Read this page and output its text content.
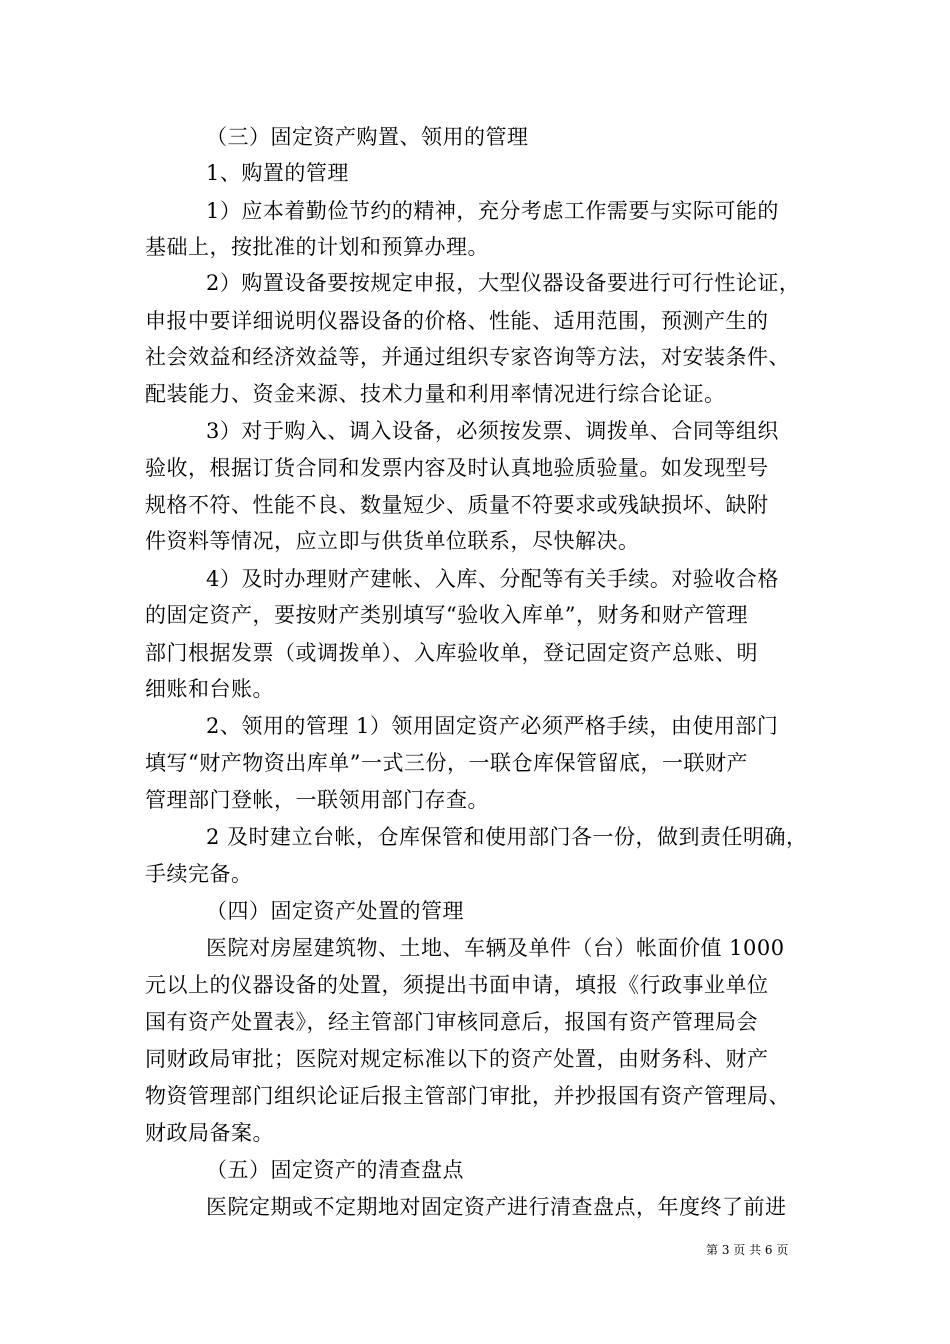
（三）固定资产购置、领用的管理
1、购置的管理
1）应本着勤俭节约的精神，充分考虑工作需要与实际可能的
基础上，按批准的计划和预算办理。
2）购置设备要按规定申报，大型仪器设备要进行可行性论证，
申报中要详细说明仪器设备的价格、性能、适用范围，预测产生的
社会效益和经济效益等，并通过组织专家咨询等方法，对安装条件、
配装能力、资金来源、技术力量和利用率情况进行综合论证。
3）对于购入、调入设备，必须按发票、调拨单、合同等组织
验收，根据订货合同和发票内容及时认真地验质验量。如发现型号
规格不符、性能不良、数量短少、质量不符要求或残缺损坏、缺附
件资料等情况，应立即与供货单位联系，尽快解决。
4）及时办理财产建帐、入库、分配等有关手续。对验收合格
的固定资产，要按财产类别填写“验收入库单”，财务和财产管理
部门根据发票（或调拨单）、入库验收单，登记固定资产总账、明
细账和台账。
2、领用的管理 1）领用固定资产必须严格手续，由使用部门
填写“财产物资出库单”一式三份，一联仓库保管留底，一联财产
管理部门登帐，一联领用部门存查。
2 及时建立台帐，仓库保管和使用部门各一份，做到责任明确，
手续完备。
（四）固定资产处置的管理
医院对房屋建筑物、土地、车辆及单件（台）帐面价值 1000
元以上的仪器设备的处置，须提出书面申请，填报《行政事业单位
国有资产处置表》，经主管部门审核同意后，报国有资产管理局会
同财政局审批；医院对规定标准以下的资产处置，由财务科、财产
物资管理部门组织论证后报主管部门审批，并抄报国有资产管理局、
财政局备案。
（五）固定资产的清查盘点
医院定期或不定期地对固定资产进行清查盘点，年度终了前进
第 3 页 共 6 页
